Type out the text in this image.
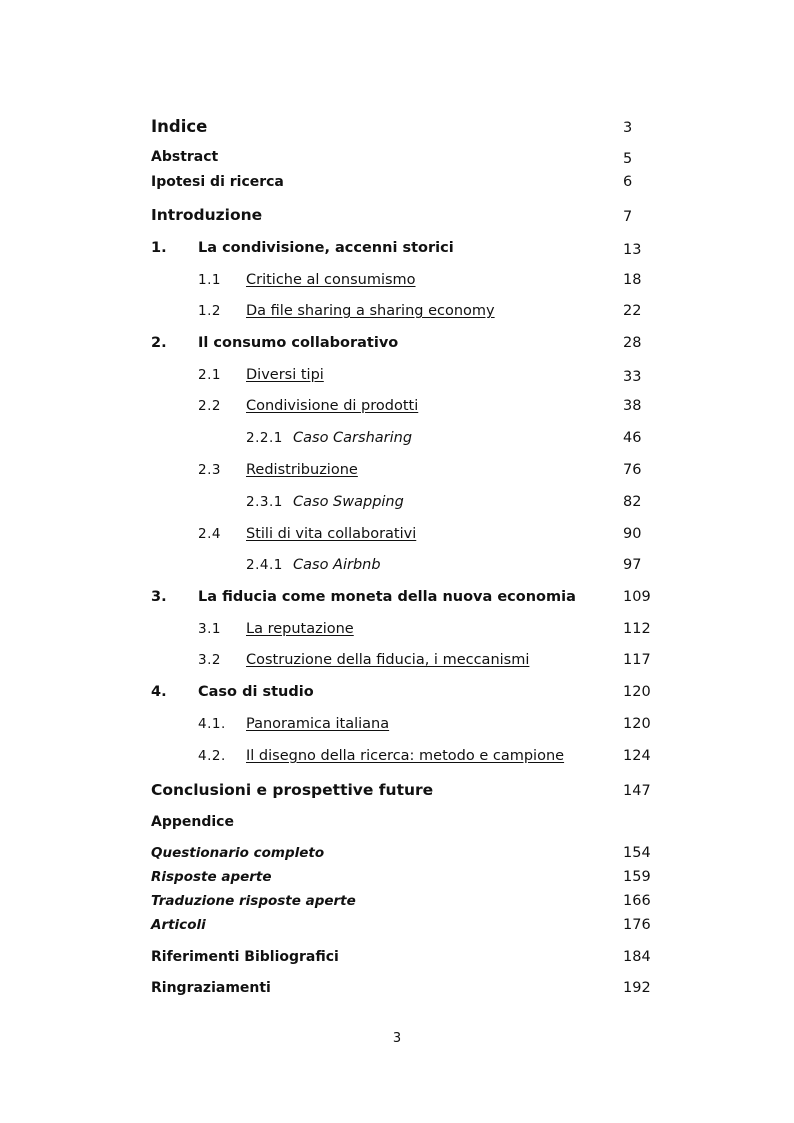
Indice	3
Abstract	5
Ipotesi di ricerca	6
Introduzione	7
1. La condivisione, accenni storici	13
1.1 Critiche al consumismo	18
1.2 Da file sharing a sharing economy	22
2. Il consumo collaborativo	28
2.1 Diversi tipi	33
2.2 Condivisione di prodotti	38
2.2.1 Caso Carsharing	46
2.3 Redistribuzione	76
2.3.1 Caso Swapping	82
2.4 Stili di vita collaborativi	90
2.4.1 Caso Airbnb	97
3. La fiducia come moneta della nuova economia	109
3.1 La reputazione	112
3.2 Costruzione della fiducia, i meccanismi	117
4. Caso di studio	120
4.1. Panoramica italiana	120
4.2. Il disegno della ricerca: metodo e campione	124
Conclusioni e prospettive future	147
Appendice
Questionario completo	154
Risposte aperte	159
Traduzione risposte aperte	166
Articoli	176
Riferimenti Bibliografici	184
Ringraziamenti	192
3
